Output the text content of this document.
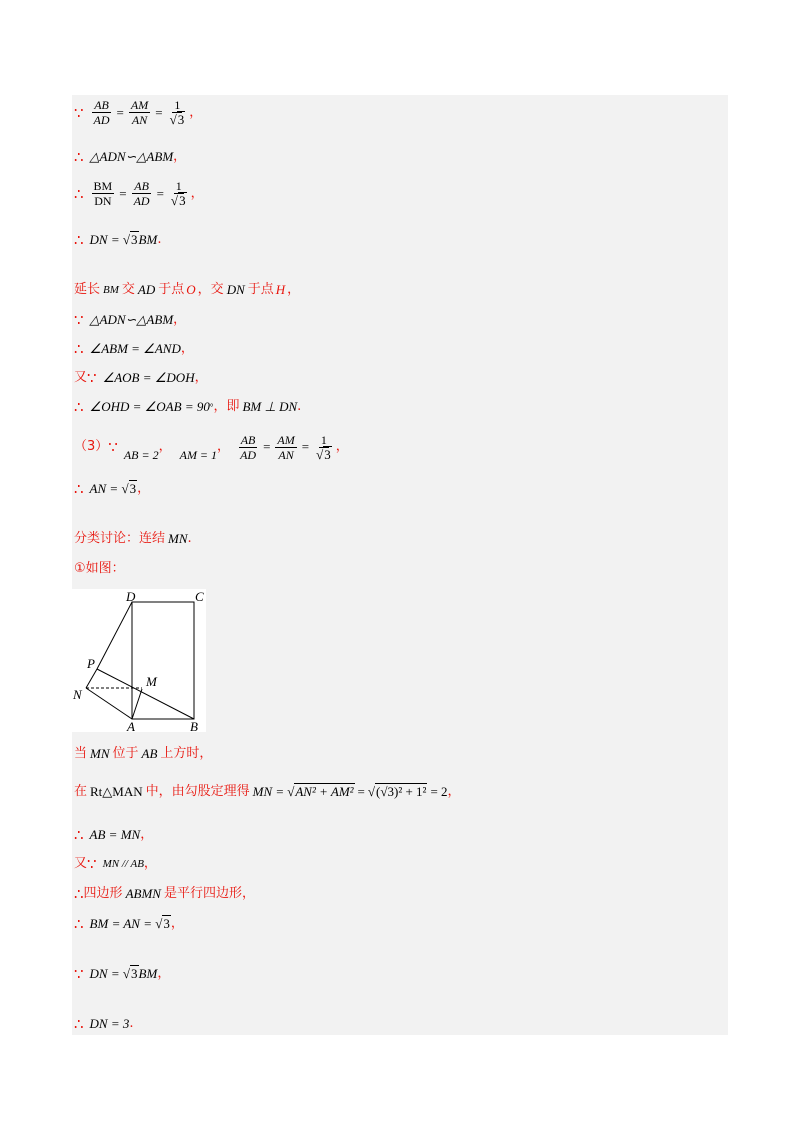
∵ $\frac{AB}{AD} = \frac{AM}{AN} = \frac{1}{√3}$ ，
∴ △ADN∽△ABM ，
∴ $\frac{BM}{DN} = \frac{AB}{AD} = \frac{1}{√3}$ ，
∴ DN = √3 BM .
延长 BM 交 AD 于点 O ，交 DN 于点 H ，
∵ △ADN∽△ABM ，
∴ ∠ABM = ∠AND ，
又 ∵ ∠AOB = ∠DOH ，
∴ ∠OHD = ∠OAB = 90 ° ，即 BM ⊥ DN .
（3） ∵ AB = 2
，
AM = 1
， $\frac{AB}{AD} = \frac{AM}{AN} = \frac{1}{√3}$ ，
∴ AN = √3 ，
分类讨论：连结 MN .
①如图：
D	C
P
M
N
A	B
当 MN 位于 AB 上方时，
在 Rt△MAN 中，由勾股定理得 MN = √AN² + AM² = √(√3)² + 1² = 2 ，
∴ AB = MN ，
又 ∵ MN // AB ，
∴ 四边形 ABMN 是平行四边形，
∴ BM = AN = √3 ，
∵ DN = √3 BM ，
∴ DN = 3 .
